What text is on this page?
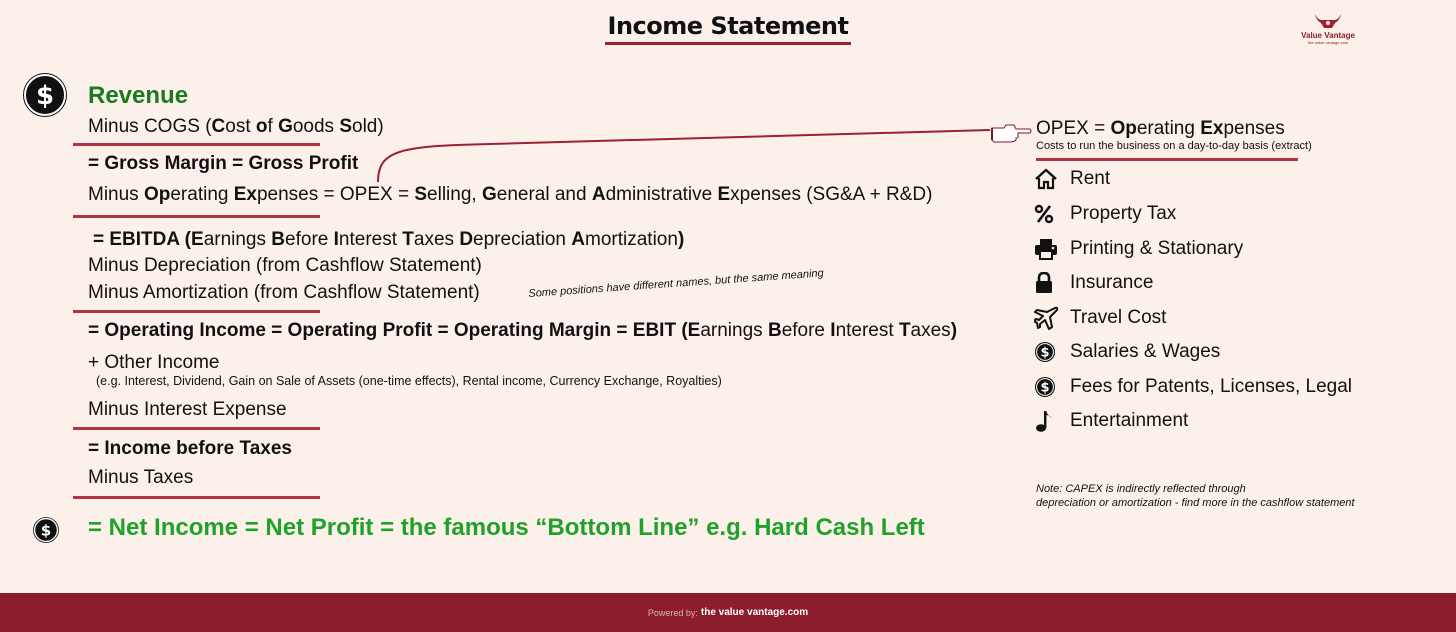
Income Statement	Value Vantage
the value vantage.com
$ Revenue
Minus COGS (Cost of Goods Sold)
= Gross Margin = Gross Profit
Minus Operating Expenses = OPEX = Selling, General and Administrative Expenses (SG&A + R&D)
= EBITDA (Earnings Before Interest Taxes Depreciation Amortization)
Minus Depreciation (from Cashflow Statement)
Minus Amortization (from Cashflow Statement)	Some positions have different names, but the same meaning
= Operating Income = Operating Profit = Operating Margin = EBIT (Earnings Before Interest Taxes)
+ Other Income
(e.g. Interest, Dividend, Gain on Sale of Assets (one-time effects), Rental income, Currency Exchange, Royalties)
Minus Interest Expense
= Income before Taxes
Minus Taxes
$ = Net Income = Net Profit = the famous “Bottom Line” e.g. Hard Cash Left
OPEX = Operating Expenses
Costs to run the business on a day-to-day basis (extract)
Rent
Property Tax
Printing & Stationary
Insurance
Travel Cost
$ Salaries & Wages
$ Fees for Patents, Licenses, Legal
Entertainment
Note: CAPEX is indirectly reflected through
depreciation or amortization - find more in the cashflow statement
Powered by: the value vantage.com
